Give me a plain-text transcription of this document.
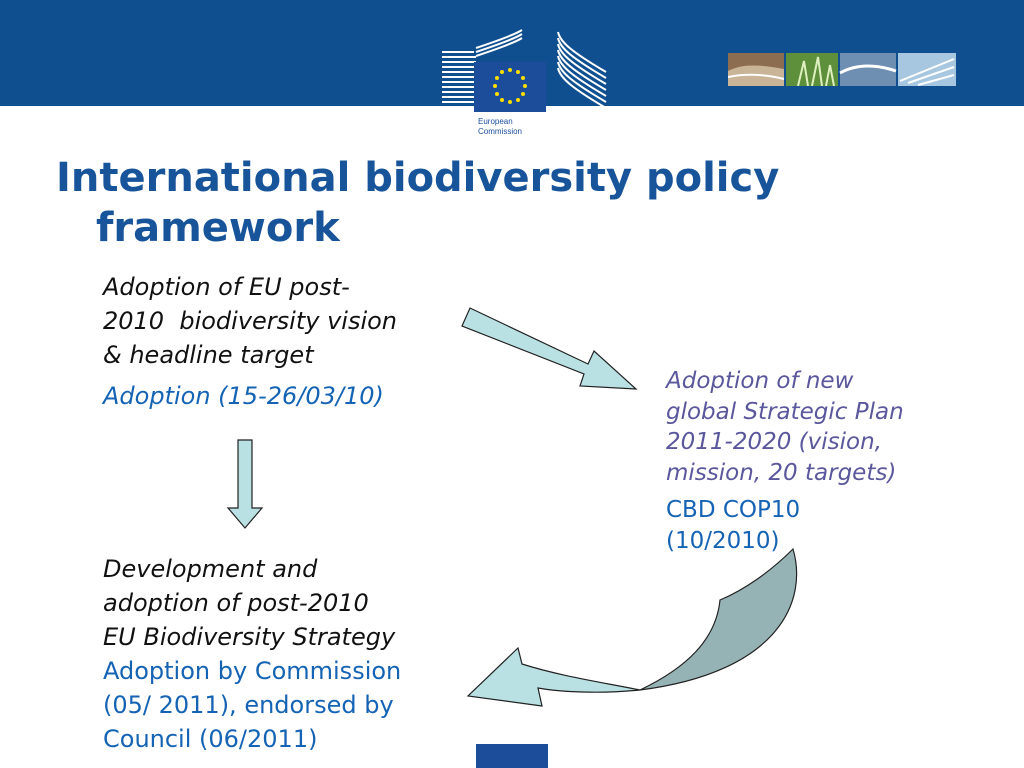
European
Commission
International biodiversity policy
framework

Adoption of EU post-

2010  biodiversity vision

& headline target

Adoption (15-26/03/10)

Adoption of new

global Strategic Plan

2011-2020 (vision,

mission, 20 targets)

CBD COP10

(10/2010)

Development and

adoption of post-2010

EU Biodiversity Strategy

Adoption by Commission

(05/ 2011), endorsed by

Council (06/2011)
